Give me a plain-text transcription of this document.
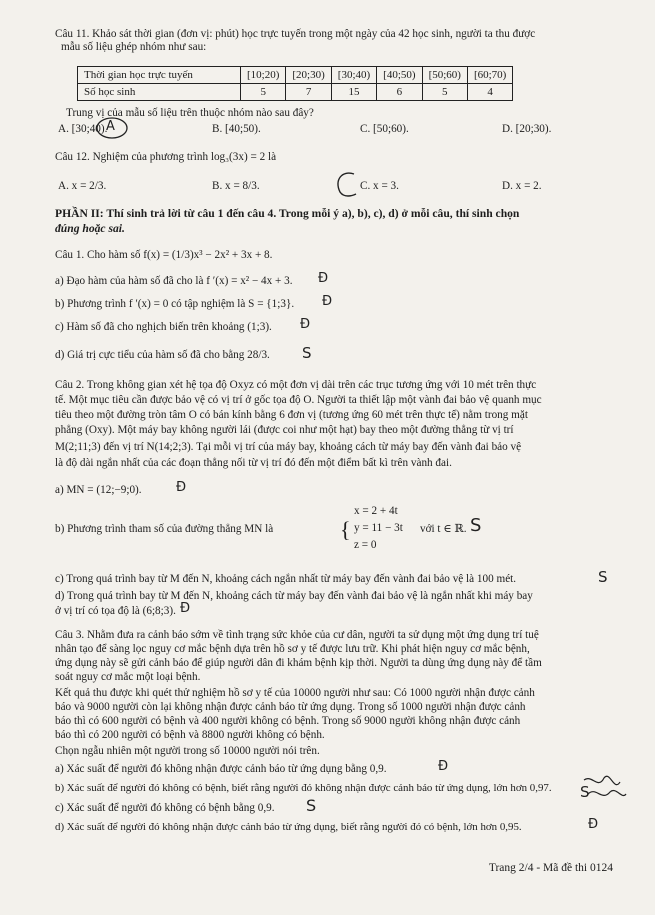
Câu 11. Khảo sát thời gian (đơn vị: phút) học trực tuyến trong một ngày của 42 học sinh, người ta thu được
mẫu số liệu ghép nhóm như sau:
Thời gian học trực tuyến	[10;20)	[20;30)	[30;40)	[40;50)	[50;60)	[60;70)
Số học sinh	5	7	15	6	5	4
Trung vị của mẫu số liệu trên thuộc nhóm nào sau đây?
A. [30;40).
A	B. [40;50).	C. [50;60).	D. [20;30).
Câu 12. Nghiệm của phương trình log₃(3x) = 2 là
A. x = 2/3.	B. x = 8/3.	C. x = 3.	D. x = 2.
PHẦN II: Thí sinh trả lời từ câu 1 đến câu 4. Trong mỗi ý a), b), c), d) ở mỗi câu, thí sinh chọn
đúng hoặc sai.
Câu 1. Cho hàm số f(x) = (1/3)x³ − 2x² + 3x + 8.
a) Đạo hàm của hàm số đã cho là f ′(x) = x² − 4x + 3.	Đ
b) Phương trình f ′(x) = 0 có tập nghiệm là S = {1;3}.	Đ
c) Hàm số đã cho nghịch biến trên khoảng (1;3).	Đ
d) Giá trị cực tiểu của hàm số đã cho bằng 28/3.	S
Câu 2. Trong không gian xét hệ tọa độ Oxyz có một đơn vị dài trên các trục tương ứng với 10 mét trên thực
tế. Một mục tiêu cần được bảo vệ có vị trí ở gốc tọa độ O. Người ta thiết lập một vành đai bảo vệ quanh mục
tiêu theo một đường tròn tâm O có bán kính bằng 6 đơn vị (tương ứng 60 mét trên thực tế) nằm trong mặt
phẳng (Oxy). Một máy bay không người lái (được coi như một hạt) bay theo một đường thẳng từ vị trí
M(2;11;3) đến vị trí N(14;2;3). Tại mỗi vị trí của máy bay, khoảng cách từ máy bay đến vành đai bảo vệ
là độ dài ngắn nhất của các đoạn thẳng nối từ vị trí đó đến một điểm bất kì trên vành đai.
a) MN = (12;−9;0).	Đ
b) Phương trình tham số của đường thẳng MN là	{
x = 2 + 4t
y = 11 − 3t
z = 0
với t ∈ ℝ. S
c) Trong quá trình bay từ M đến N, khoảng cách ngắn nhất từ máy bay đến vành đai bảo vệ là 100 mét.	S
d) Trong quá trình bay từ M đến N, khoảng cách từ máy bay đến vành đai bảo vệ là ngắn nhất khi máy bay
ở vị trí có tọa độ là (6;8;3). Đ
Câu 3. Nhằm đưa ra cảnh báo sớm về tình trạng sức khỏe của cư dân, người ta sử dụng một ứng dụng trí tuệ
nhân tạo để sàng lọc nguy cơ mắc bệnh dựa trên hồ sơ y tế được lưu trữ. Khi phát hiện nguy cơ mắc bệnh,
ứng dụng này sẽ gửi cảnh báo để giúp người dân đi khám bệnh kịp thời. Người ta dùng ứng dụng này để tầm
soát nguy cơ mắc một loại bệnh.
Kết quả thu được khi quét thử nghiệm hồ sơ y tế của 10000 người như sau: Có 1000 người nhận được cảnh
báo và 9000 người còn lại không nhận được cảnh báo từ ứng dụng. Trong số 1000 người nhận được cảnh
báo thì có 600 người có bệnh và 400 người không có bệnh. Trong số 9000 người không nhận được cảnh
báo thì có 200 người có bệnh và 8800 người không có bệnh.
Chọn ngẫu nhiên một người trong số 10000 người nói trên.
a) Xác suất để người đó không nhận được cảnh báo từ ứng dụng bằng 0,9.	Đ
b) Xác suất để người đó không có bệnh, biết rằng người đó không nhận được cảnh báo từ ứng dụng, lớn hơn 0,97.	S
c) Xác suất để người đó không có bệnh bằng 0,9.	S
d) Xác suất để người đó không nhận được cảnh báo từ ứng dụng, biết rằng người đó có bệnh, lớn hơn 0,95.	Đ
Trang 2/4 - Mã đề thi 0124
